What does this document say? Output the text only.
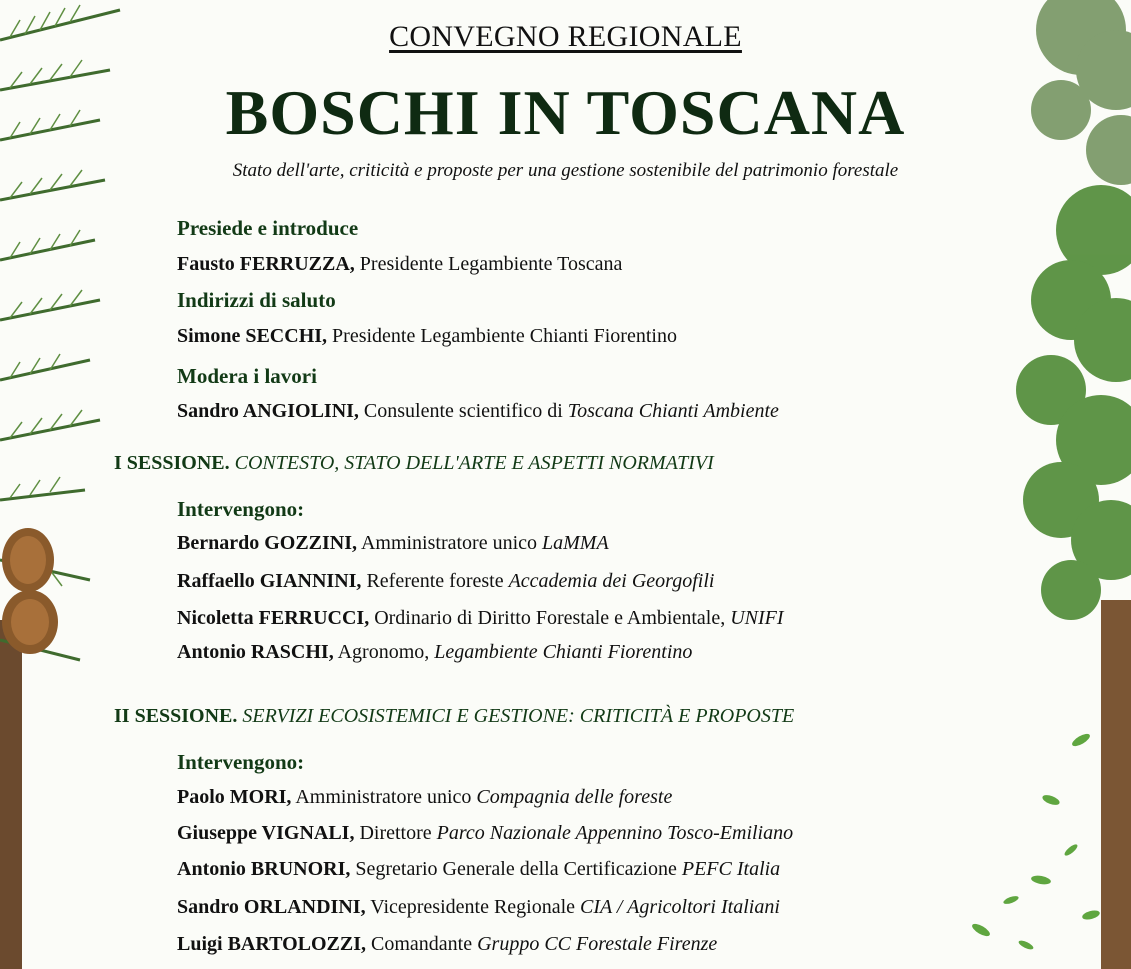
CONVEGNO REGIONALE
BOSCHI IN TOSCANA
Stato dell'arte, criticità e proposte per una gestione sostenibile del patrimonio forestale
Presiede e introduce
Fausto FERRUZZA, Presidente Legambiente Toscana
Indirizzi di saluto
Simone SECCHI, Presidente Legambiente Chianti Fiorentino
Modera i lavori
Sandro ANGIOLINI, Consulente scientifico di Toscana Chianti Ambiente
I SESSIONE. CONTESTO, STATO DELL'ARTE E ASPETTI NORMATIVI
Intervengono:
Bernardo GOZZINI, Amministratore unico LaMMA
Raffaello GIANNINI, Referente foreste Accademia dei Georgofili
Nicoletta FERRUCCI, Ordinario di Diritto Forestale e Ambientale, UNIFI
Antonio RASCHI, Agronomo, Legambiente Chianti Fiorentino
II SESSIONE. SERVIZI ECOSISTEMICI E GESTIONE: CRITICITÀ E PROPOSTE
Intervengono:
Paolo MORI, Amministratore unico Compagnia delle foreste
Giuseppe VIGNALI, Direttore Parco Nazionale Appennino Tosco-Emiliano
Antonio BRUNORI, Segretario Generale della Certificazione PEFC Italia
Sandro ORLANDINI, Vicepresidente Regionale CIA / Agricoltori Italiani
Luigi BARTOLOZZI, Comandante Gruppo CC Forestale Firenze
